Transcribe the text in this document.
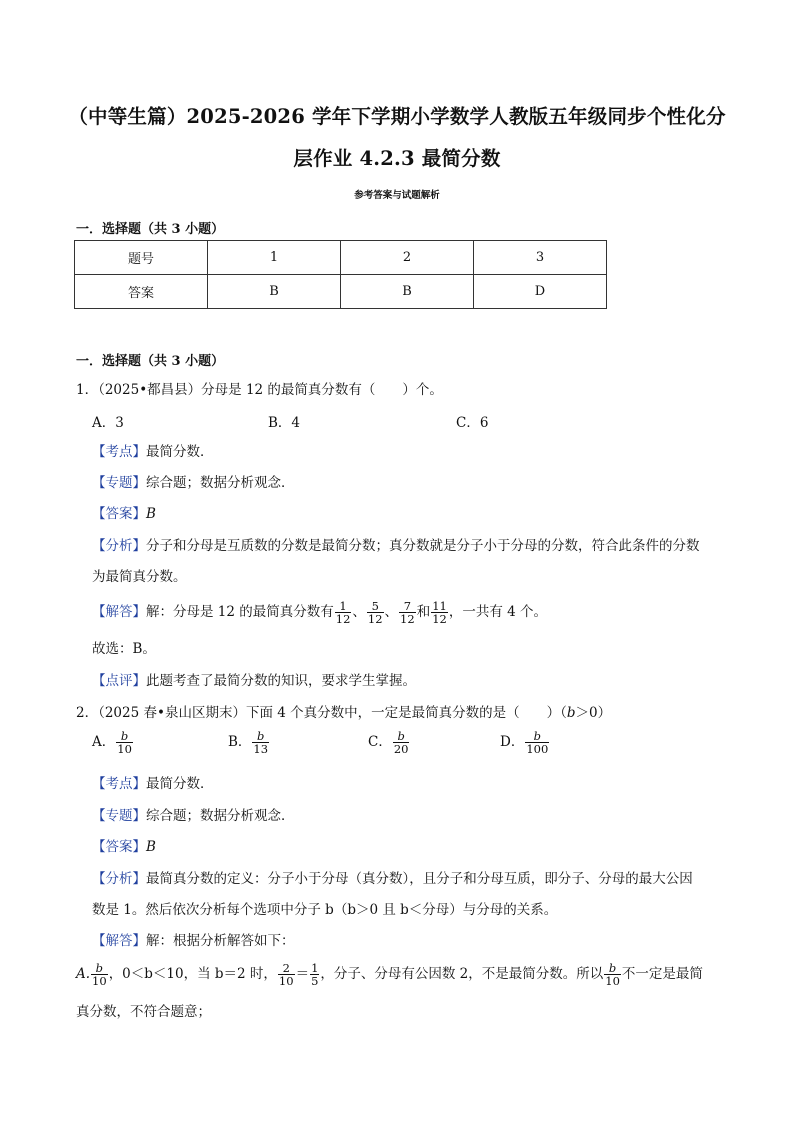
（中等生篇）2025-2026 学年下学期小学数学人教版五年级同步个性化分层作业 4.2.3 最简分数
参考答案与试题解析
一．选择题（共 3 小题）
题号	1	2	3
答案	B	B	D
一．选择题（共 3 小题）
1．（2025•都昌县）分母是 12 的最简真分数有（　　）个。
A．3	B．4	C．6
【考点】最简分数．
【专题】综合题；数据分析观念．
【答案】B
【分析】分子和分母是互质数的分数是最简分数；真分数就是分子小于分母的分数，符合此条件的分数
为最简真分数。
【解答】解：分母是 12 的最简真分数有 $\frac{1}{12}$ 、 $\frac{5}{12}$ 、 $\frac{7}{12}$ 和 $\frac{11}{12}$ ，一共有 4 个。
故选：B。
【点评】此题考查了最简分数的知识，要求学生掌握。
2．（2025 春•泉山区期末）下面 4 个真分数中，一定是最简真分数的是（　　）（b＞0）
A． $\frac{b}{10}$	B． $\frac{b}{13}$	C． $\frac{b}{20}$	D． $\frac{b}{100}$
【考点】最简分数．
【专题】综合题；数据分析观念．
【答案】B
【分析】最简真分数的定义：分子小于分母（真分数），且分子和分母互质，即分子、分母的最大公因
数是 1。然后依次分析每个选项中分子 b（b＞0 且 b＜分母）与分母的关系。
【解答】解：根据分析解答如下：
A. $\frac{b}{10}$ ，0＜b＜10，当 b＝2 时， $\frac{2}{10} = \frac{1}{5}$ ，分子、分母有公因数 2，不是最简分数。所以 $\frac{b}{10}$ 不一定是最简
真分数，不符合题意；
